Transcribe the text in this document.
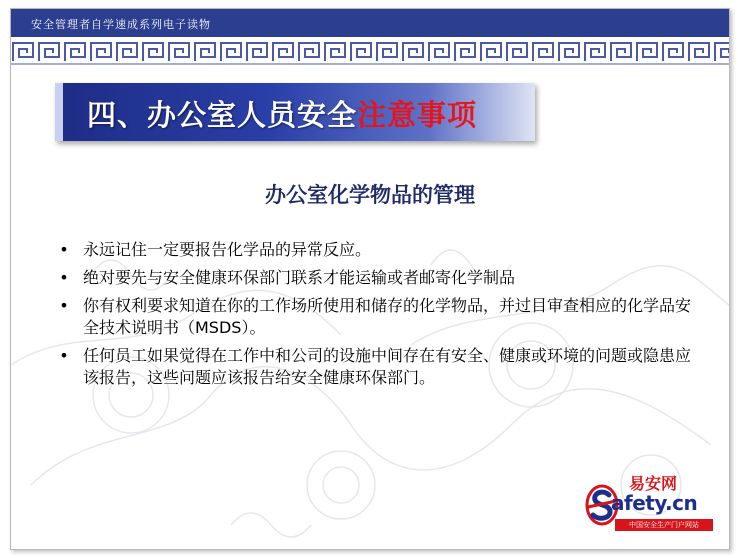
安全管理者自学速成系列电子读物
四、办公室人员安全注意事项
办公室化学物品的管理
• 永远记住一定要报告化学品的异常反应。
• 绝对要先与安全健康环保部门联系才能运输或者邮寄化学制品
• 你有权利要求知道在你的工作场所使用和储存的化学物品，并过目审查相应的化学品安全技术说明书（MSDS）。
• 任何员工如果觉得在工作中和公司的设施中间存在有安全、健康或环境的问题或隐患应该报告，这些问题应该报告给安全健康环保部门。
易安网
afety.cn
中国安全生产门户网站
